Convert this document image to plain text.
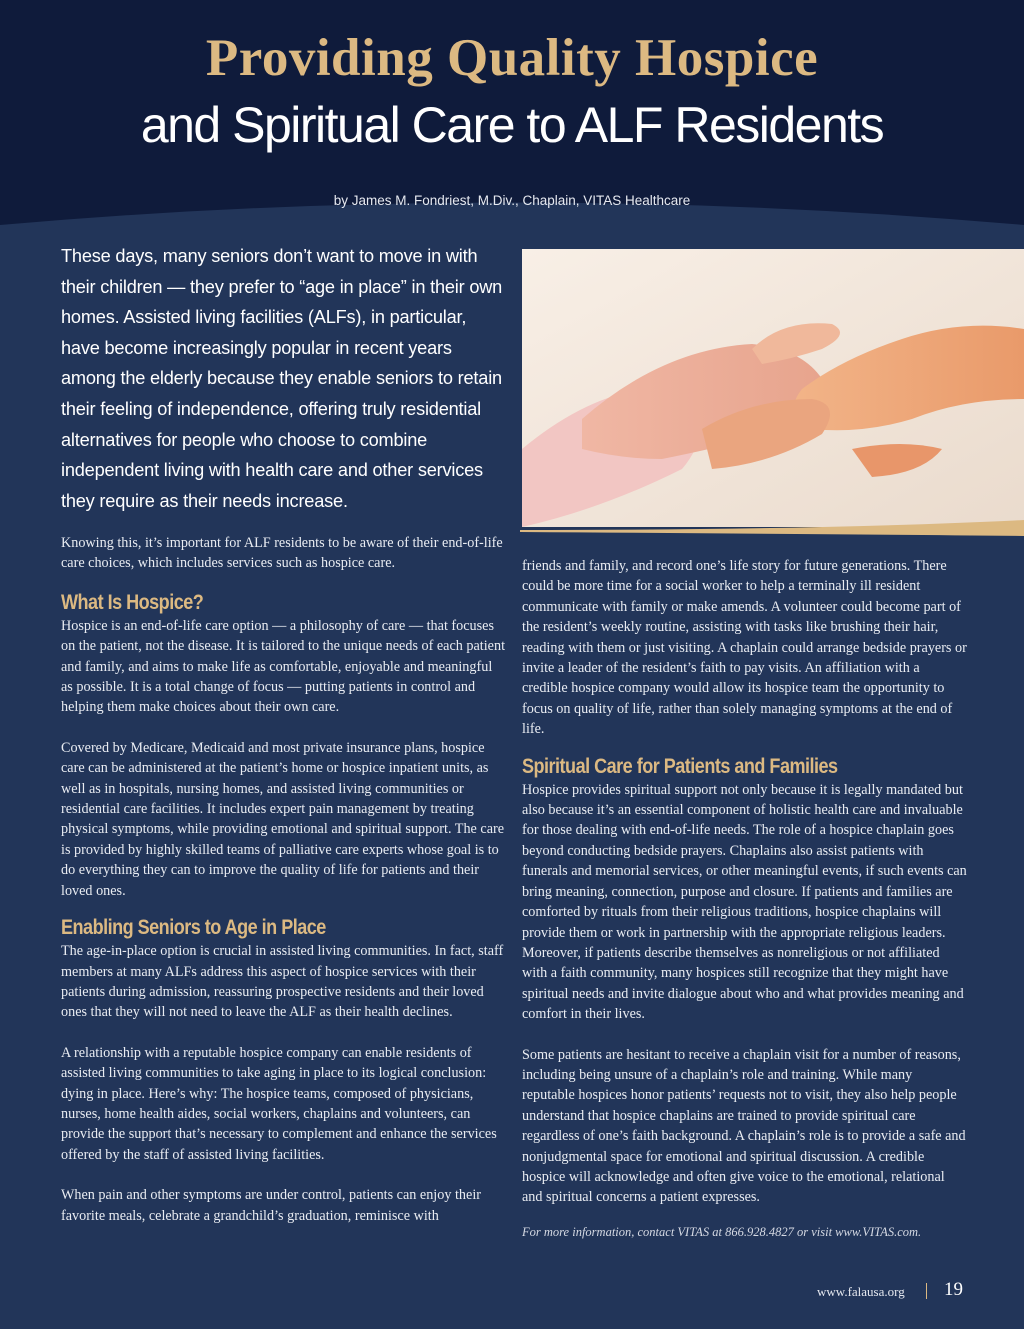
Providing Quality Hospice
and Spiritual Care to ALF Residents
by James M. Fondriest, M.Div., Chaplain, VITAS Healthcare
These days, many seniors don’t want to move in with their children — they prefer to “age in place” in their own homes. Assisted living facilities (ALFs), in particular, have become increasingly popular in recent years among the elderly because they enable seniors to retain their feeling of independence, offering truly residential alternatives for people who choose to combine independent living with health care and other services they require as their needs increase.

Knowing this, it’s important for ALF residents to be aware of their end-of-life care choices, which includes services such as hospice care.

What Is Hospice?

Hospice is an end-of-life care option — a philosophy of care — that focuses on the patient, not the disease. It is tailored to the unique needs of each patient and family, and aims to make life as comfortable, enjoyable and meaningful as possible. It is a total change of focus — putting patients in control and helping them make choices about their own care.

Covered by Medicare, Medicaid and most private insurance plans, hospice care can be administered at the patient’s home or hospice inpatient units, as well as in hospitals, nursing homes, and assisted living communities or residential care facilities. It includes expert pain management by treating physical symptoms, while providing emotional and spiritual support. The care is provided by highly skilled teams of palliative care experts whose goal is to do everything they can to improve the quality of life for patients and their loved ones.

Enabling Seniors to Age in Place

The age-in-place option is crucial in assisted living communities. In fact, staff members at many ALFs address this aspect of hospice services with their patients during admission, reassuring prospective residents and their loved ones that they will not need to leave the ALF as their health declines.

A relationship with a reputable hospice company can enable residents of assisted living communities to take aging in place to its logical conclusion: dying in place. Here’s why: The hospice teams, composed of physicians, nurses, home health aides, social workers, chaplains and volunteers, can provide the support that’s necessary to complement and enhance the services offered by the staff of assisted living facilities.

When pain and other symptoms are under control, patients can enjoy their favorite meals, celebrate a grandchild’s graduation, reminisce with

friends and family, and record one’s life story for future generations. There could be more time for a social worker to help a terminally ill resident communicate with family or make amends. A volunteer could become part of the resident’s weekly routine, assisting with tasks like brushing their hair, reading with them or just visiting. A chaplain could arrange bedside prayers or invite a leader of the resident’s faith to pay visits. An affiliation with a credible hospice company would allow its hospice team the opportunity to focus on quality of life, rather than solely managing symptoms at the end of life.

Spiritual Care for Patients and Families

Hospice provides spiritual support not only because it is legally mandated but also because it’s an essential component of holistic health care and invaluable for those dealing with end-of-life needs. The role of a hospice chaplain goes beyond conducting bedside prayers. Chaplains also assist patients with funerals and memorial services, or other meaningful events, if such events can bring meaning, connection, purpose and closure. If patients and families are comforted by rituals from their religious traditions, hospice chaplains will provide them or work in partnership with the appropriate religious leaders. Moreover, if patients describe themselves as nonreligious or not affiliated with a faith community, many hospices still recognize that they might have spiritual needs and invite dialogue about who and what provides meaning and comfort in their lives.

Some patients are hesitant to receive a chaplain visit for a number of reasons, including being unsure of a chaplain’s role and training. While many reputable hospices honor patients’ requests not to visit, they also help people understand that hospice chaplains are trained to provide spiritual care regardless of one’s faith background. A chaplain’s role is to provide a safe and nonjudgmental space for emotional and spiritual discussion. A credible hospice will acknowledge and often give voice to the emotional, relational and spiritual concerns a patient expresses.

For more information, contact VITAS at 866.928.4827 or visit www.VITAS.com.

www.falausa.org 19
